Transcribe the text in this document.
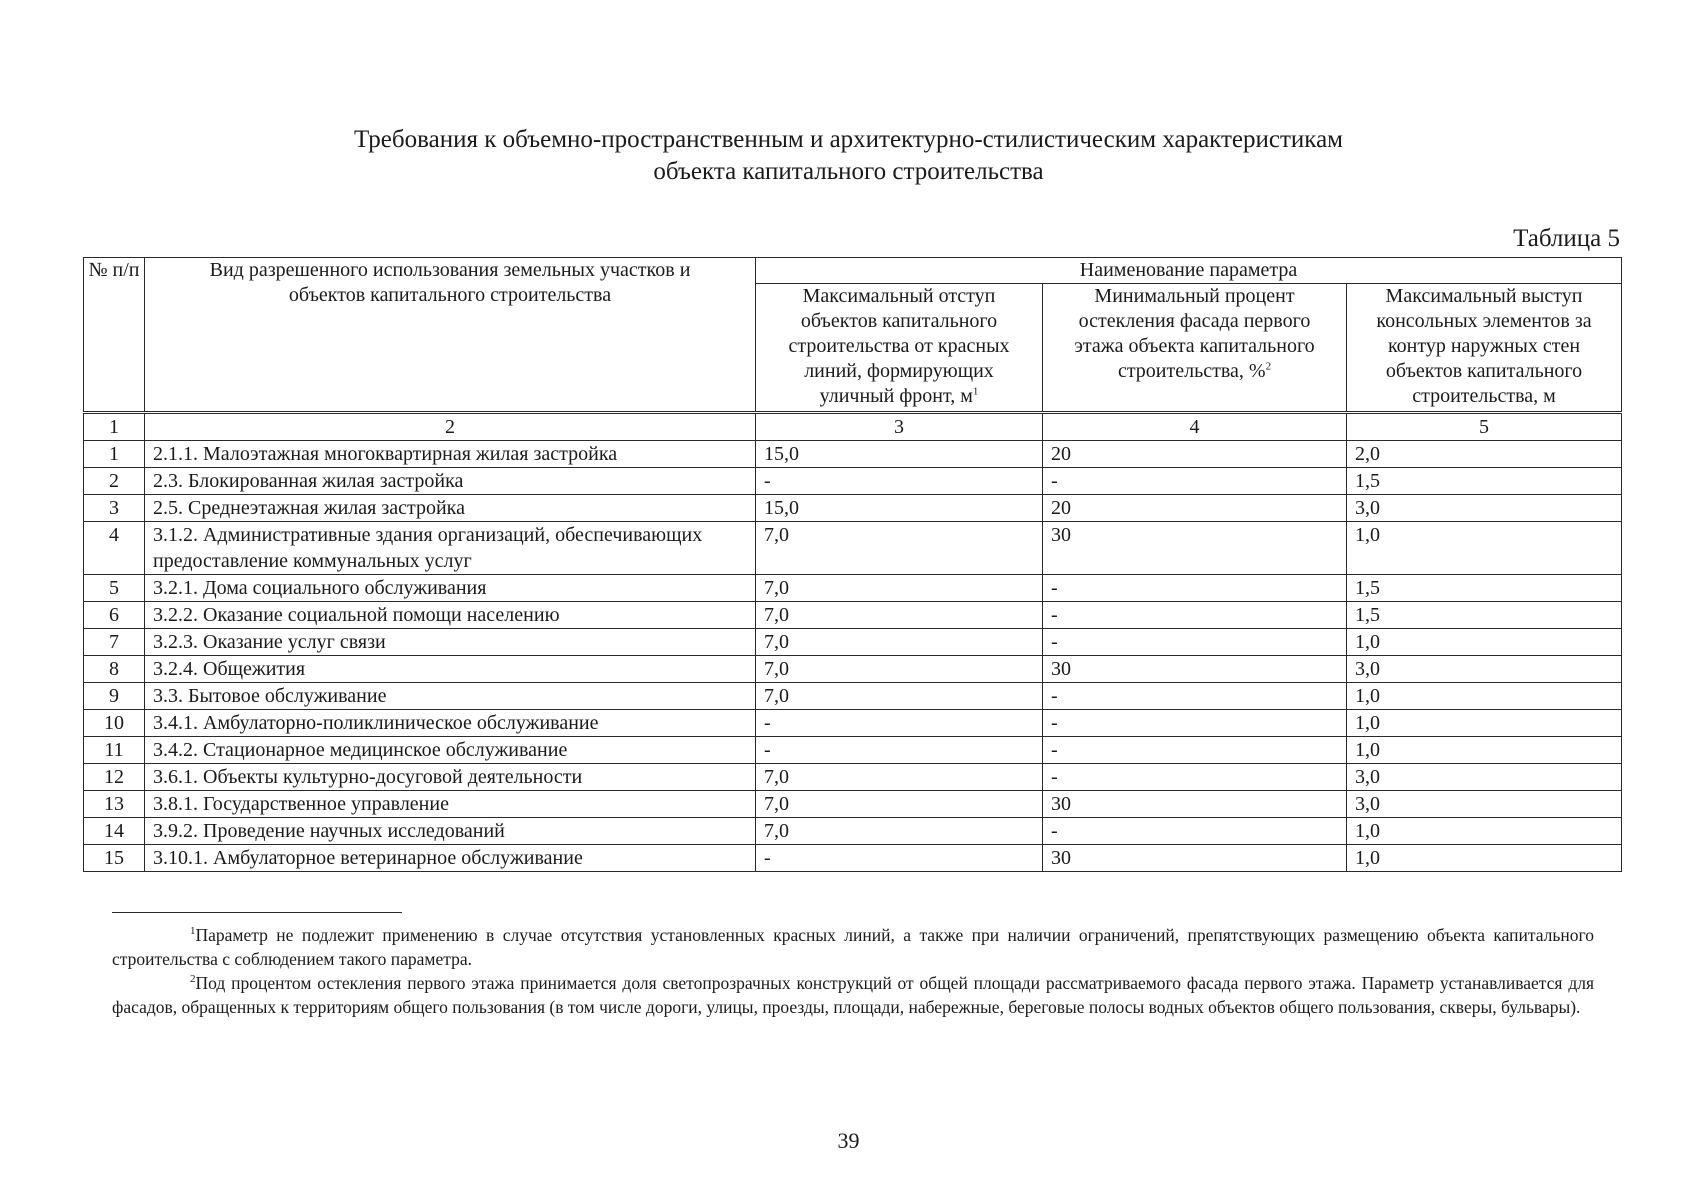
Требования к объемно-пространственным и архитектурно-стилистическим характеристикам
объекта капитального строительства
Таблица 5
№ п/п	Вид разрешенного использования земельных участков и объектов капитального строительства	Наименование параметра		
		Максимальный отступ объектов капитального строительства от красных линий, формирующих уличный фронт, $м^1$	Минимальный процент остекления фасада первого этажа объекта капитального строительства, %$^2$	Максимальный выступ консольных элементов за контур наружных стен объектов капитального строительства, м
1	2	3	4	5
1	2.1.1. Малоэтажная многоквартирная жилая застройка	15,0	20	2,0
2	2.3. Блокированная жилая застройка	-	-	1,5
3	2.5. Среднеэтажная жилая застройка	15,0	20	3,0
4	3.1.2. Административные здания организаций, обеспечивающих предоставление коммунальных услуг	7,0	30	1,0
5	3.2.1. Дома социального обслуживания	7,0	-	1,5
6	3.2.2. Оказание социальной помощи населению	7,0	-	1,5
7	3.2.3. Оказание услуг связи	7,0	-	1,0
8	3.2.4. Общежития	7,0	30	3,0
9	3.3. Бытовое обслуживание	7,0	-	1,0
10	3.4.1. Амбулаторно-поликлиническое обслуживание	-	-	1,0
11	3.4.2. Стационарное медицинское обслуживание	-	-	1,0
12	3.6.1. Объекты культурно-досуговой деятельности	7,0	-	3,0
13	3.8.1. Государственное управление	7,0	30	3,0
14	3.9.2. Проведение научных исследований	7,0	-	1,0
15	3.10.1. Амбулаторное ветеринарное обслуживание	-	30	1,0

$^1$Параметр не подлежит применению в случае отсутствия установленных красных линий, а также при наличии ограничений, препятствующих размещению объекта капитального строительства с соблюдением такого параметра.

$^2$Под процентом остекления первого этажа принимается доля светопрозрачных конструкций от общей площади рассматриваемого фасада первого этажа. Параметр устанавливается для фасадов, обращенных к территориям общего пользования (в том числе дороги, улицы, проезды, площади, набережные, береговые полосы водных объектов общего пользования, скверы, бульвары).

39
